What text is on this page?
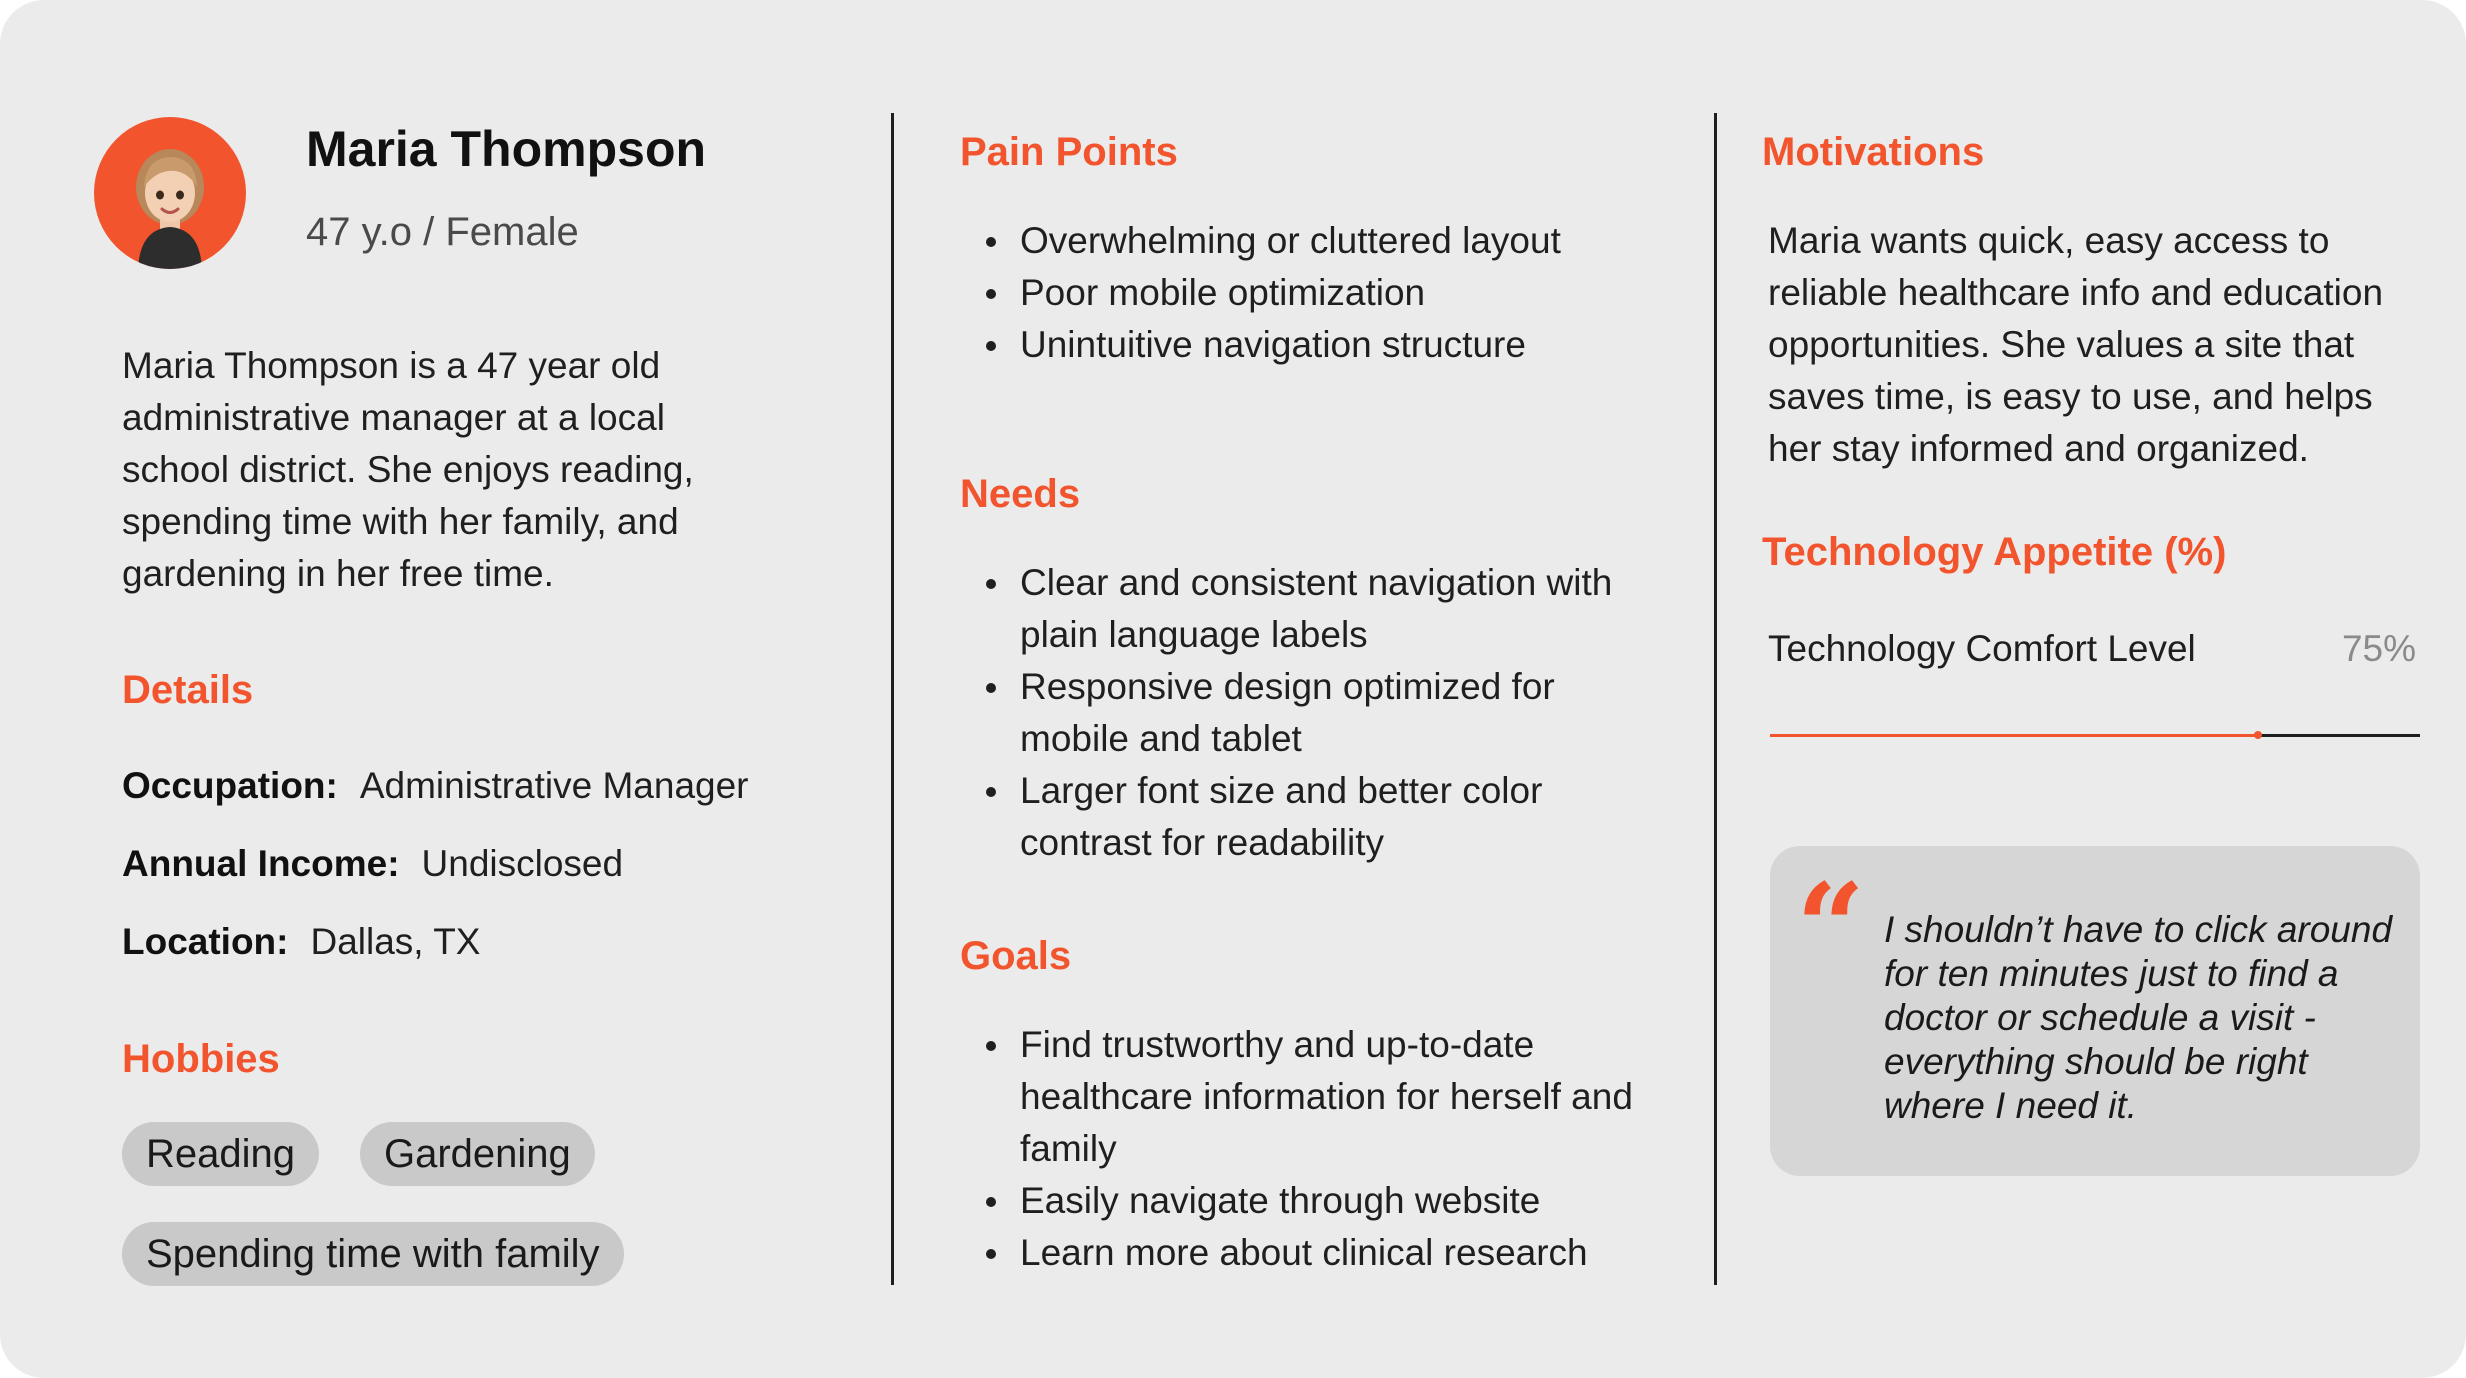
Maria Thompson
47 y.o / Female
Maria Thompson is a 47 year old administrative manager at a local school district. She enjoys reading, spending time with her family, and gardening in her free time.
Details
Occupation: Administrative Manager
Annual Income: Undisclosed
Location: Dallas, TX
Hobbies
Reading	Gardening
Spending time with family
Pain Points
Overwhelming or cluttered layout
Poor mobile optimization
Unintuitive navigation structure
Needs
Clear and consistent navigation with plain language labels
Responsive design optimized for mobile and tablet
Larger font size and better color contrast for readability
Goals
Find trustworthy and up-to-date healthcare information for herself and family
Easily navigate through website
Learn more about clinical research
Motivations
Maria wants quick, easy access to reliable healthcare info and education opportunities. She values a site that saves time, is easy to use, and helps her stay informed and organized.
Technology Appetite (%)
Technology Comfort Level	75%
“ I shouldn’t have to click around for ten minutes just to find a doctor or schedule a visit - everything should be right where I need it.
